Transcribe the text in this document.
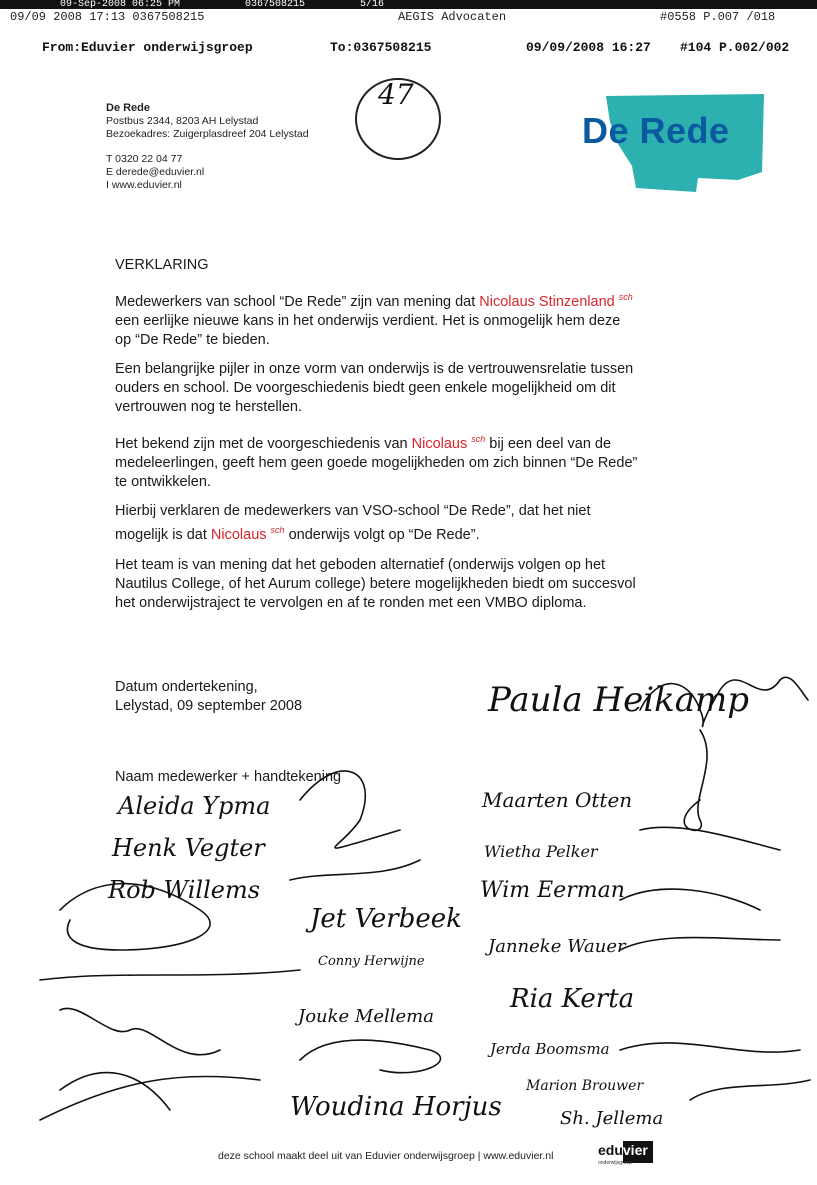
09-Sep-2008 06:25 PM	0367508215	5/16
09/09 2008 17:13 0367508215	AEGIS Advocaten	#0558 P.007 /018
From:Eduvier onderwijsgroep	To:0367508215	09/09/2008 16:27 #104 P.002/002
De Rede
Postbus 2344, 8203 AH Lelystad
Bezoekadres: Zuigerplasdreef 204 Lelystad
T 0320 22 04 77
E derede@eduvier.nl
I www.eduvier.nl
47
De Rede
VERKLARING
Medewerkers van school “De Rede” zijn van mening dat Nicolaus Stinzenland $^{sch}$
een eerlijke nieuwe kans in het onderwijs verdient. Het is onmogelijk hem deze
op “De Rede” te bieden.
Een belangrijke pijler in onze vorm van onderwijs is de vertrouwensrelatie tussen
ouders en school. De voorgeschiedenis biedt geen enkele mogelijkheid om dit
vertrouwen nog te herstellen.
Het bekend zijn met de voorgeschiedenis van Nicolaus $^{sch}$ bij een deel van de
medeleerlingen, geeft hem geen goede mogelijkheden om zich binnen “De Rede”
te ontwikkelen.
Hierbij verklaren de medewerkers van VSO-school “De Rede”, dat het niet
mogelijk is dat Nicolaus $^{sch}$ onderwijs volgt op “De Rede”.
Het team is van mening dat het geboden alternatief (onderwijs volgen op het
Nautilus College, of het Aurum college) betere mogelijkheden biedt om succesvol
het onderwijstraject te vervolgen en af te ronden met een VMBO diploma.
Datum ondertekening,
Lelystad, 09 september 2008
Naam medewerker + handtekening
Paula Heikamp
Aleida Ypma
Henk Vegter
Rob Willems
Jet Verbeek
Conny Herwijne
Jouke Mellema
Woudina Horjus
Maarten Otten
Wietha Pelker
Wim Eerman
Janneke Wauer
Ria Kerta
Jerda Boomsma
Marion Brouwer
Sh. Jellema
deze school maakt deel uit van Eduvier onderwijsgroep | www.eduvier.nl	eduvier
onderwijsgroep
